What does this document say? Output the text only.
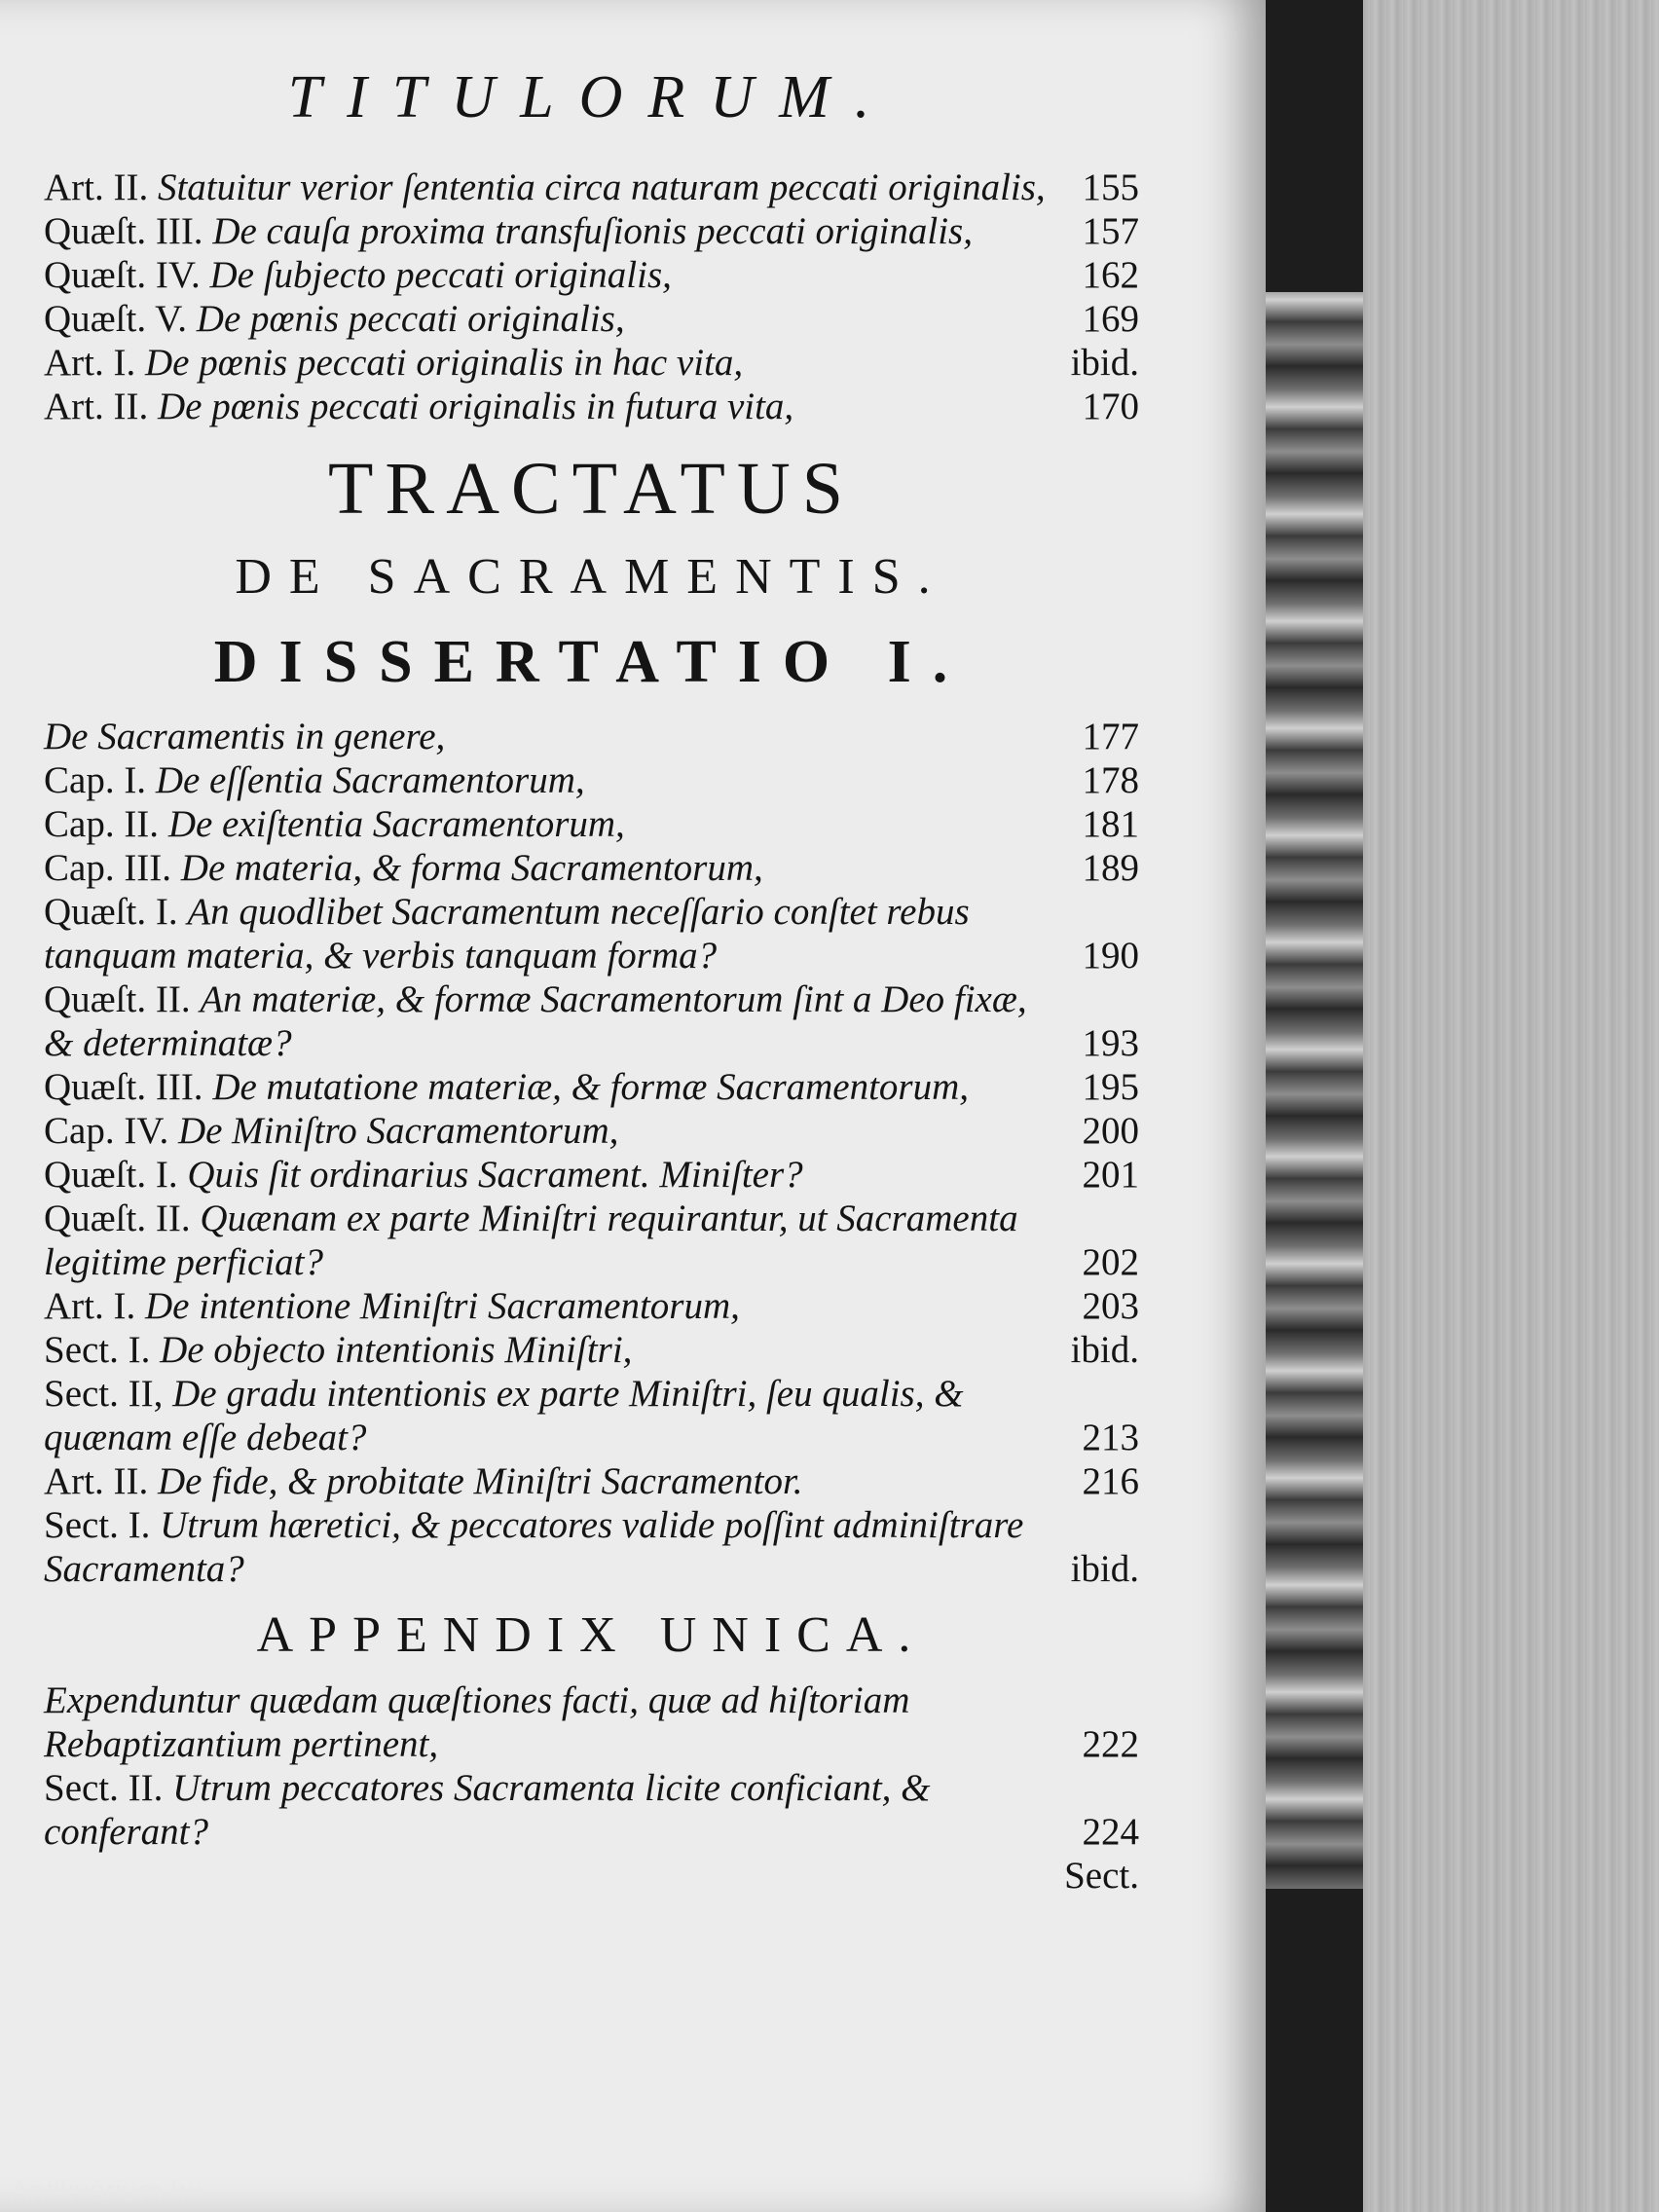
TITULORUM.
Art. II. Statuitur verior ſententia circa naturam peccati originalis, 155
Quæſt. III. De cauſa proxima transfuſionis peccati originalis,	157
Quæſt. IV. De ſubjecto peccati originalis,	162
Quæſt. V. De pœnis peccati originalis,	169
Art. I. De pœnis peccati originalis in hac vita,	ibid.
Art. II. De pœnis peccati originalis in futura vita,	170
TRACTATUS
DE SACRAMENTIS.
DISSERTATIO I.
De Sacramentis in genere,	177
Cap. I. De eſſentia Sacramentorum,	178
Cap. II. De exiſtentia Sacramentorum,	181
Cap. III. De materia, & forma Sacramentorum,	189
Quæſt. I. An quodlibet Sacramentum neceſſario conſtet rebus tanquam materia, & verbis tanquam forma?	190
Quæſt. II. An materiæ, & formæ Sacramentorum ſint a Deo fixæ, & determinatæ?	193
Quæſt. III. De mutatione materiæ, & formæ Sacramentorum,	195
Cap. IV. De Miniſtro Sacramentorum,	200
Quæſt. I. Quis ſit ordinarius Sacrament. Miniſter?	201
Quæſt. II. Quænam ex parte Miniſtri requirantur, ut Sacramenta legitime perficiat?	202
Art. I. De intentione Miniſtri Sacramentorum,	203
Sect. I. De objecto intentionis Miniſtri,	ibid.
Sect. II, De gradu intentionis ex parte Miniſtri, ſeu qualis, & quænam eſſe debeat?	213
Art. II. De fide, & probitate Miniſtri Sacramentor.	216
Sect. I. Utrum hæretici, & peccatores valide poſſint adminiſtrare Sacramenta?	ibid.
APPENDIX UNICA.
Expenduntur quædam quæſtiones facti, quæ ad hiſtoriam Rebaptizantium pertinent,	222
Sect. II. Utrum peccatores Sacramenta licite conficiant, & conferant?	224
Sect.
Antikvárium.hu
